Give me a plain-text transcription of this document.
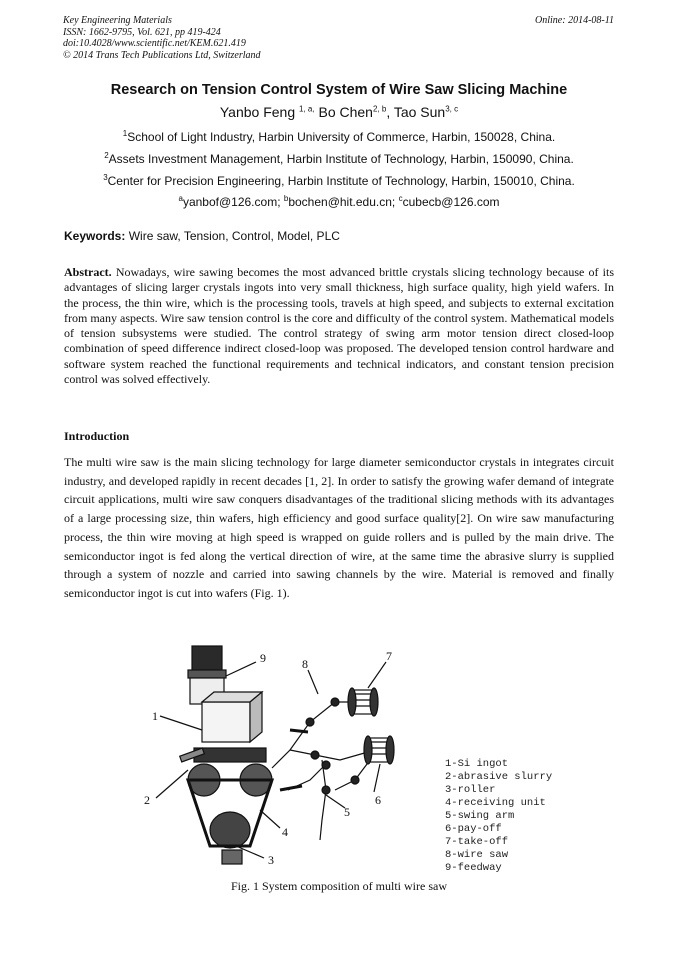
Key Engineering Materials
ISSN: 1662-9795, Vol. 621, pp 419-424
doi:10.4028/www.scientific.net/KEM.621.419
© 2014 Trans Tech Publications Ltd, Switzerland
Online: 2014-08-11
Research on Tension Control System of Wire Saw Slicing Machine
Yanbo Feng $^{1, a,}$ Bo Chen$^{2, b}$, Tao Sun$^{3, c}$
$^1$School of Light Industry, Harbin University of Commerce, Harbin, 150028, China.
$^2$Assets Investment Management, Harbin Institute of Technology, Harbin, 150090, China.
$^3$Center for Precision Engineering, Harbin Institute of Technology, Harbin, 150010, China.
$^a$yanbof@126.com; $^b$bochen@hit.edu.cn; $^c$cubecb@126.com
Keywords: Wire saw, Tension, Control, Model, PLC
Abstract. Nowadays, wire sawing becomes the most advanced brittle crystals slicing technology because of its advantages of slicing larger crystals ingots into very small thickness, high surface quality, high yield wafers. In the process, the thin wire, which is the processing tools, travels at high speed, and subjects to external excitation from many aspects. Wire saw tension control is the core and difficulty of the control system. Mathematical models of tension subsystems were studied. The control strategy of swing arm motor tension direct closed-loop combination of speed difference indirect closed-loop was proposed. The developed tension control hardware and software system reached the functional requirements and technical indicators, and constant tension precision control was solved effectively.
Introduction
The multi wire saw is the main slicing technology for large diameter semiconductor crystals in integrates circuit industry, and developed rapidly in recent decades [1, 2]. In order to satisfy the growing wafer demand of integrate circuit applications, multi wire saw conquers disadvantages of the traditional slicing methods with its advantages of a large processing size, thin wafers, high efficiency and good surface quality[2]. On wire saw manufacturing process, the thin wire moving at high speed is wrapped on guide rollers and is pulled by the main drive. The semiconductor ingot is fed along the vertical direction of wire, at the same time the abrasive slurry is supplied through a system of nozzle and carried into sawing channels by the wire. Material is removed and finally semiconductor ingot is cut into wafers (Fig. 1).
1
2
3
4
5
6
7
8
9
1-Si ingot
2-abrasive slurry
3-roller
4-receiving unit
5-swing arm
6-pay-off
7-take-off
8-wire saw
9-feedway
Fig. 1 System composition of multi wire saw
